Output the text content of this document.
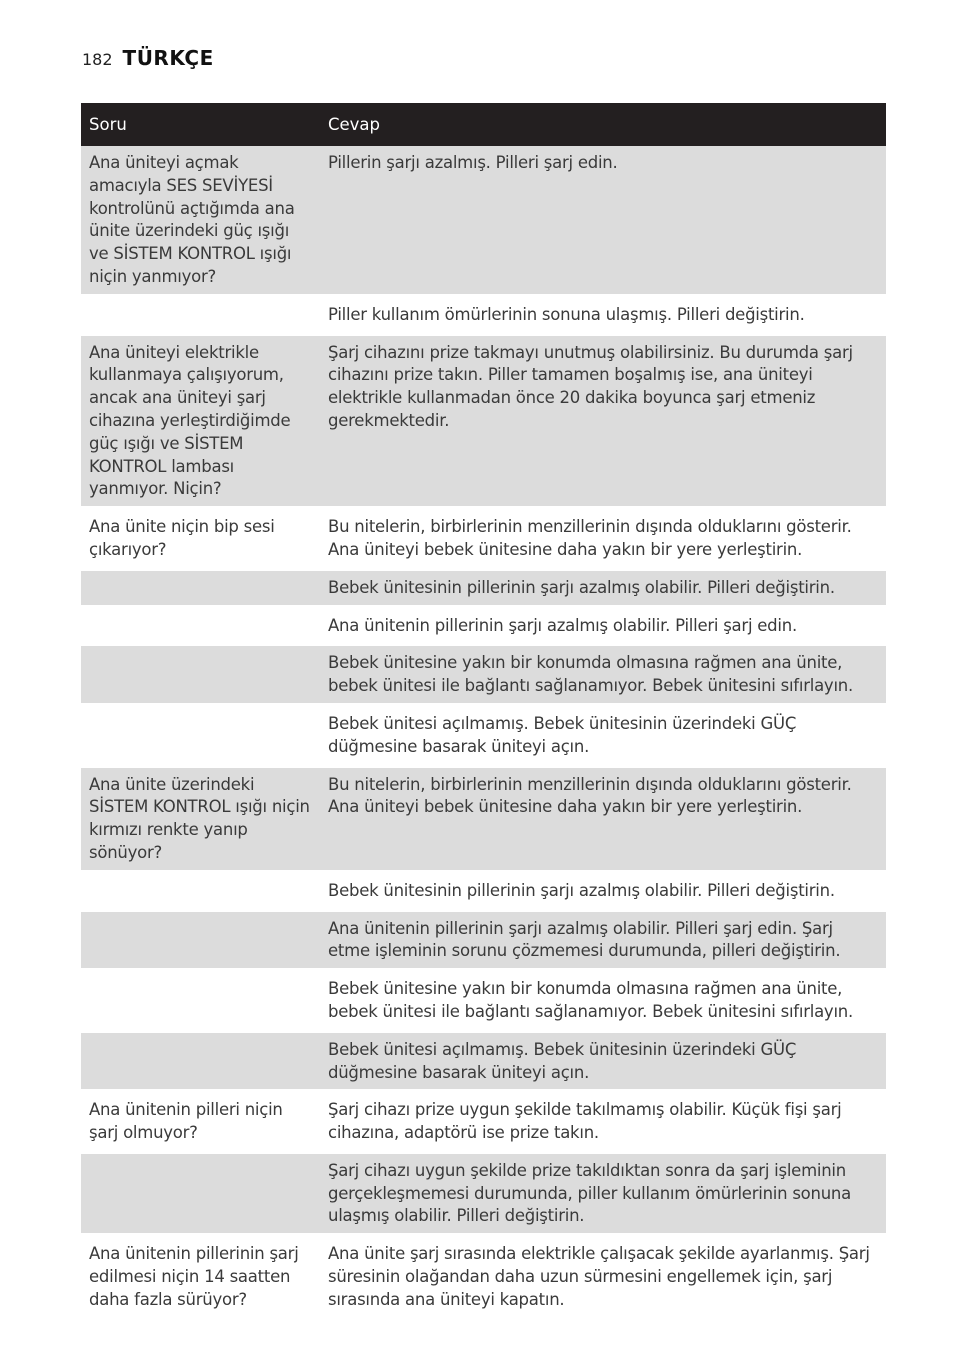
182 TÜRKÇE
Soru	Cevap
Ana üniteyi açmak amacıyla SES SEVİYESİ kontrolünü açtığımda ana ünite üzerindeki güç ışığı ve SİSTEM KONTROL ışığı niçin yanmıyor?	Pillerin şarjı azalmış. Pilleri şarj edin.
	Piller kullanım ömürlerinin sonuna ulaşmış. Pilleri değiştirin.
Ana üniteyi elektrikle kullanmaya çalışıyorum, ancak ana üniteyi şarj cihazına yerleştirdiğimde güç ışığı ve SİSTEM KONTROL lambası yanmıyor. Niçin?	Şarj cihazını prize takmayı unutmuş olabilirsiniz. Bu durumda şarj cihazını prize takın. Piller tamamen boşalmış ise, ana üniteyi elektrikle kullanmadan önce 20 dakika boyunca şarj etmeniz gerekmektedir.
Ana ünite niçin bip sesi çıkarıyor?	Bu nitelerin, birbirlerinin menzillerinin dışında olduklarını gösterir. Ana üniteyi bebek ünitesine daha yakın bir yere yerleştirin.
	Bebek ünitesinin pillerinin şarjı azalmış olabilir. Pilleri değiştirin.
	Ana ünitenin pillerinin şarjı azalmış olabilir. Pilleri şarj edin.
	Bebek ünitesine yakın bir konumda olmasına rağmen ana ünite, bebek ünitesi ile bağlantı sağlanamıyor. Bebek ünitesini sıfırlayın.
	Bebek ünitesi açılmamış. Bebek ünitesinin üzerindeki GÜÇ düğmesine basarak üniteyi açın.
Ana ünite üzerindeki SİSTEM KONTROL ışığı niçin kırmızı renkte yanıp sönüyor?	Bu nitelerin, birbirlerinin menzillerinin dışında olduklarını gösterir. Ana üniteyi bebek ünitesine daha yakın bir yere yerleştirin.
	Bebek ünitesinin pillerinin şarjı azalmış olabilir. Pilleri değiştirin.
	Ana ünitenin pillerinin şarjı azalmış olabilir. Pilleri şarj edin. Şarj etme işleminin sorunu çözmemesi durumunda, pilleri değiştirin.
	Bebek ünitesine yakın bir konumda olmasına rağmen ana ünite, bebek ünitesi ile bağlantı sağlanamıyor. Bebek ünitesini sıfırlayın.
	Bebek ünitesi açılmamış. Bebek ünitesinin üzerindeki GÜÇ düğmesine basarak üniteyi açın.
Ana ünitenin pilleri niçin şarj olmuyor?	Şarj cihazı prize uygun şekilde takılmamış olabilir. Küçük fişi şarj cihazına, adaptörü ise prize takın.
	Şarj cihazı uygun şekilde prize takıldıktan sonra da şarj işleminin gerçekleşmemesi durumunda, piller kullanım ömürlerinin sonuna ulaşmış olabilir. Pilleri değiştirin.
Ana ünitenin pillerinin şarj edilmesi niçin 14 saatten daha fazla sürüyor?	Ana ünite şarj sırasında elektrikle çalışacak şekilde ayarlanmış. Şarj süresinin olağandan daha uzun sürmesini engellemek için, şarj sırasında ana üniteyi kapatın.
